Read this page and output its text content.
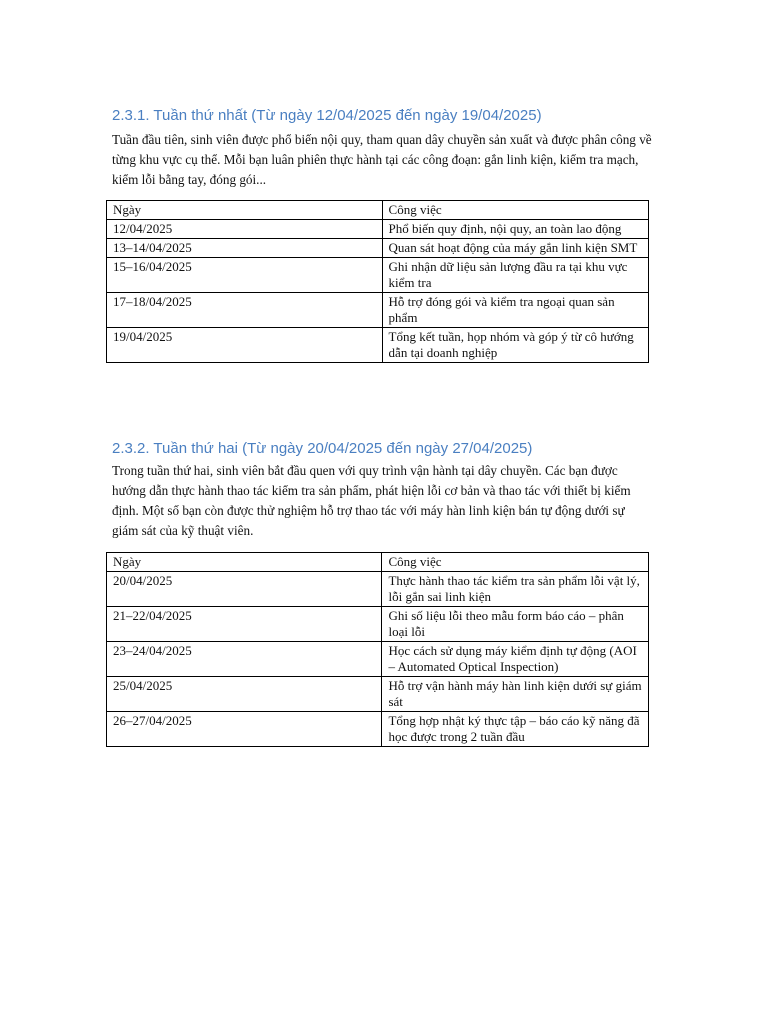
2.3.1. Tuần thứ nhất (Từ ngày 12/04/2025 đến ngày 19/04/2025)

Tuần đầu tiên, sinh viên được phổ biến nội quy, tham quan dây chuyền sản xuất và được phân công về từng khu vực cụ thể. Mỗi bạn luân phiên thực hành tại các công đoạn: gắn linh kiện, kiểm tra mạch, kiểm lỗi bằng tay, đóng gói...

Ngày	Công việc
12/04/2025	Phổ biến quy định, nội quy, an toàn lao động
13–14/04/2025	Quan sát hoạt động của máy gắn linh kiện SMT
15–16/04/2025	Ghi nhận dữ liệu sản lượng đầu ra tại khu vực kiểm tra
17–18/04/2025	Hỗ trợ đóng gói và kiểm tra ngoại quan sản phẩm
19/04/2025	Tổng kết tuần, họp nhóm và góp ý từ cô hướng dẫn tại doanh nghiệp
2.3.2. Tuần thứ hai (Từ ngày 20/04/2025 đến ngày 27/04/2025)

Trong tuần thứ hai, sinh viên bắt đầu quen với quy trình vận hành tại dây chuyền. Các bạn được hướng dẫn thực hành thao tác kiểm tra sản phẩm, phát hiện lỗi cơ bản và thao tác với thiết bị kiểm định. Một số bạn còn được thử nghiệm hỗ trợ thao tác với máy hàn linh kiện bán tự động dưới sự giám sát của kỹ thuật viên.

Ngày	Công việc
20/04/2025	Thực hành thao tác kiểm tra sản phẩm lỗi vật lý, lỗi gắn sai linh kiện
21–22/04/2025	Ghi số liệu lỗi theo mẫu form báo cáo – phân loại lỗi
23–24/04/2025	Học cách sử dụng máy kiểm định tự động (AOI – Automated Optical Inspection)
25/04/2025	Hỗ trợ vận hành máy hàn linh kiện dưới sự giám sát
26–27/04/2025	Tổng hợp nhật ký thực tập – báo cáo kỹ năng đã học được trong 2 tuần đầu
